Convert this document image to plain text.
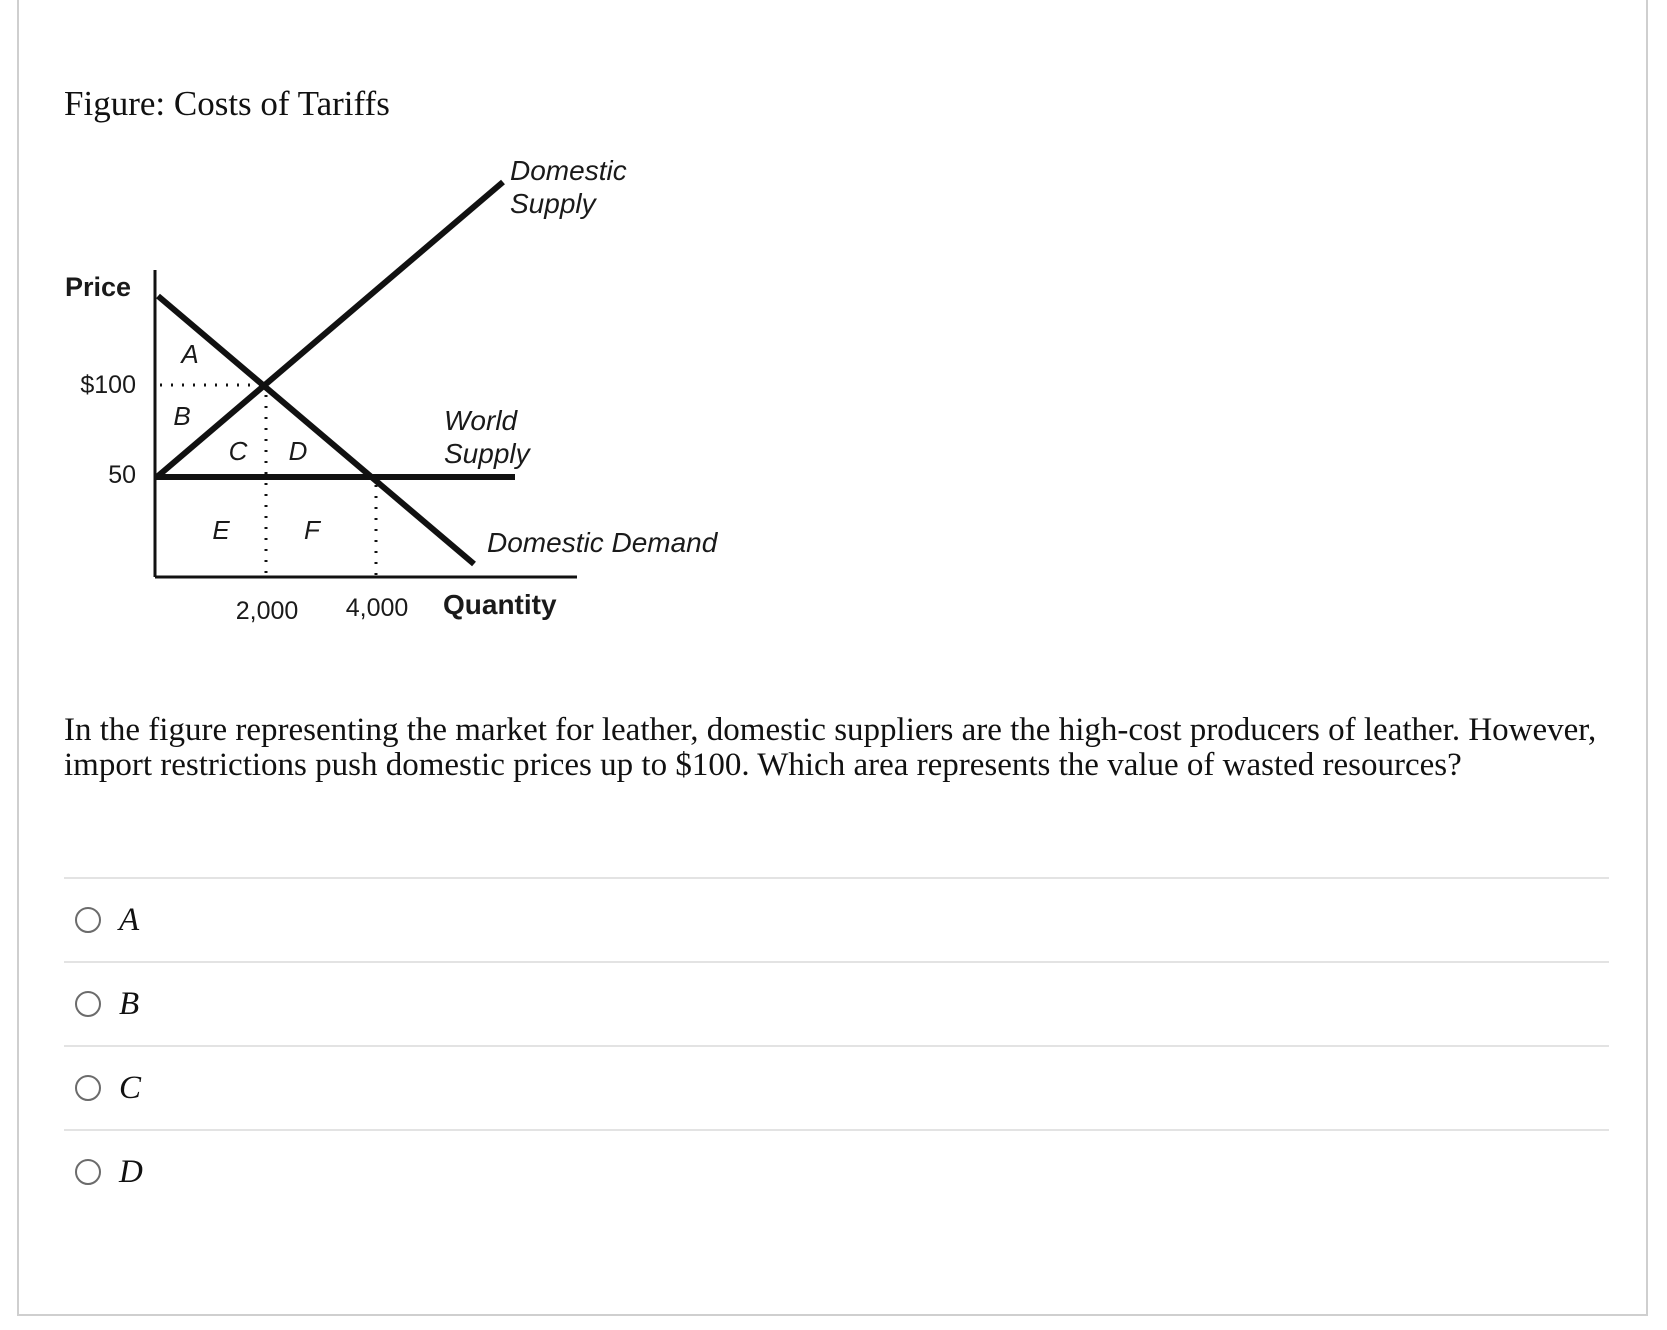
Figure: Costs of Tariffs
Price
Quantity
$100
50
2,000 4,000
Domestic
Supply
World
Supply
Domestic Demand
A
B
C D
E	F
In the figure representing the market for leather, domestic suppliers are the high-cost producers of leather. However, import restrictions push domestic prices up to $100. Which area represents the value of wasted resources?
A
B
C
D
